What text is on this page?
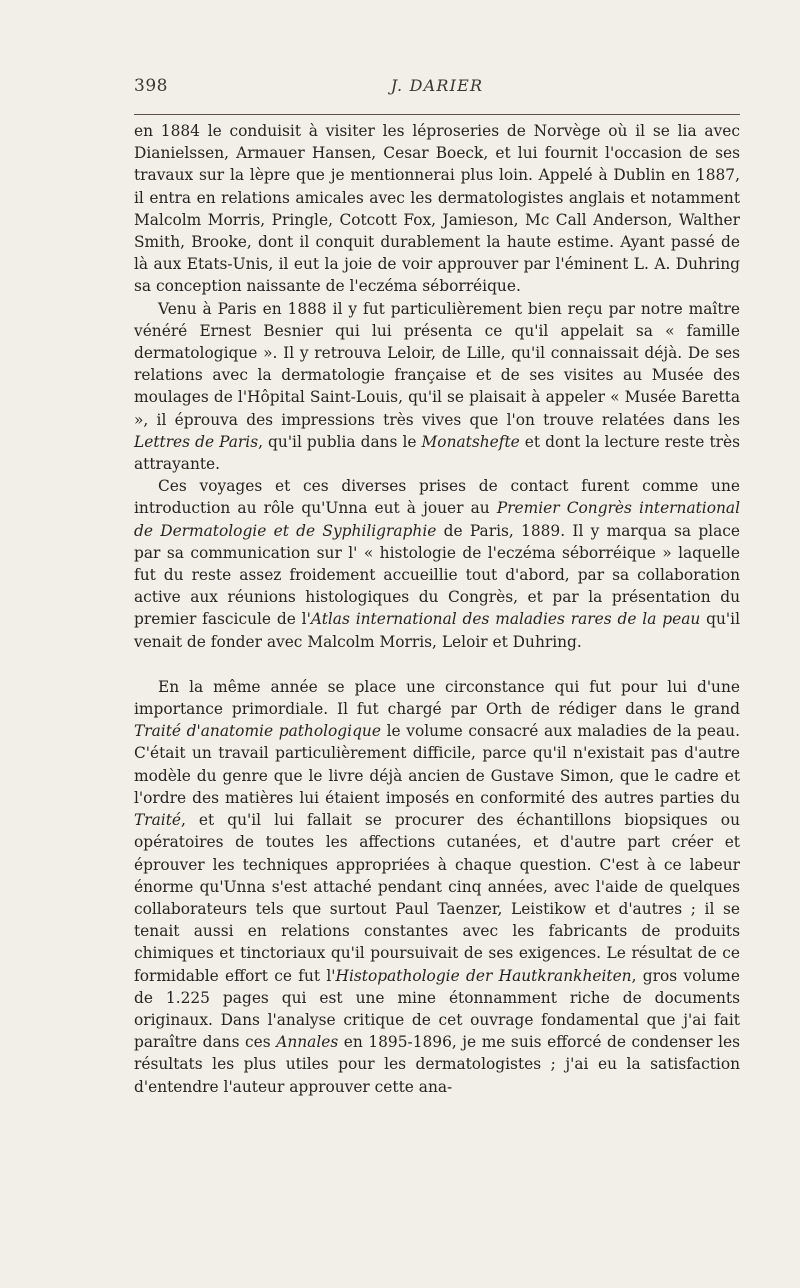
398	J. DARIER

en 1884 le conduisit à visiter les léproseries de Norvège où il se lia avec Dianielssen, Armauer Hansen, Cesar Boeck, et lui fournit l'occasion de ses travaux sur la lèpre que je mentionnerai plus loin. Appelé à Dublin en 1887, il entra en relations amicales avec les dermatologistes anglais et notamment Malcolm Morris, Pringle, Cotcott Fox, Jamieson, Mc Call Anderson, Walther Smith, Brooke, dont il conquit durablement la haute estime. Ayant passé de là aux Etats-Unis, il eut la joie de voir approuver par l'éminent L. A. Duhring sa conception naissante de l'eczéma séborréique.

Venu à Paris en 1888 il y fut particulièrement bien reçu par notre maître vénéré Ernest Besnier qui lui présenta ce qu'il appelait sa « famille dermatologique ». Il y retrouva Leloir, de Lille, qu'il connaissait déjà. De ses relations avec la dermatologie française et de ses visites au Musée des moulages de l'Hôpital Saint-Louis, qu'il se plaisait à appeler « Musée Baretta », il éprouva des impressions très vives que l'on trouve relatées dans les Lettres de Paris, qu'il publia dans le Monatshefte et dont la lecture reste très attrayante.

Ces voyages et ces diverses prises de contact furent comme une introduction au rôle qu'Unna eut à jouer au Premier Congrès international de Dermatologie et de Syphiligraphie de Paris, 1889. Il y marqua sa place par sa communication sur l' « histologie de l'eczéma séborréique » laquelle fut du reste assez froidement accueillie tout d'abord, par sa collaboration active aux réunions histologiques du Congrès, et par la présentation du premier fascicule de l'Atlas international des maladies rares de la peau qu'il venait de fonder avec Malcolm Morris, Leloir et Duhring.

En la même année se place une circonstance qui fut pour lui d'une importance primordiale. Il fut chargé par Orth de rédiger dans le grand Traité d'anatomie pathologique le volume consacré aux maladies de la peau. C'était un travail particulièrement difficile, parce qu'il n'existait pas d'autre modèle du genre que le livre déjà ancien de Gustave Simon, que le cadre et l'ordre des matières lui étaient imposés en conformité des autres parties du Traité, et qu'il lui fallait se procurer des échantillons biopsiques ou opératoires de toutes les affections cutanées, et d'autre part créer et éprouver les techniques appropriées à chaque question. C'est à ce labeur énorme qu'Unna s'est attaché pendant cinq années, avec l'aide de quelques collaborateurs tels que surtout Paul Taenzer, Leistikow et d'autres ; il se tenait aussi en relations constantes avec les fabricants de produits chimiques et tinctoriaux qu'il poursuivait de ses exigences. Le résultat de ce formidable effort ce fut l'Histopathologie der Hautkrankheiten, gros volume de 1.225 pages qui est une mine étonnamment riche de documents originaux. Dans l'analyse critique de cet ouvrage fondamental que j'ai fait paraître dans ces Annales en 1895-1896, je me suis efforcé de condenser les résultats les plus utiles pour les dermatologistes ; j'ai eu la satisfaction d'entendre l'auteur approuver cette ana-
